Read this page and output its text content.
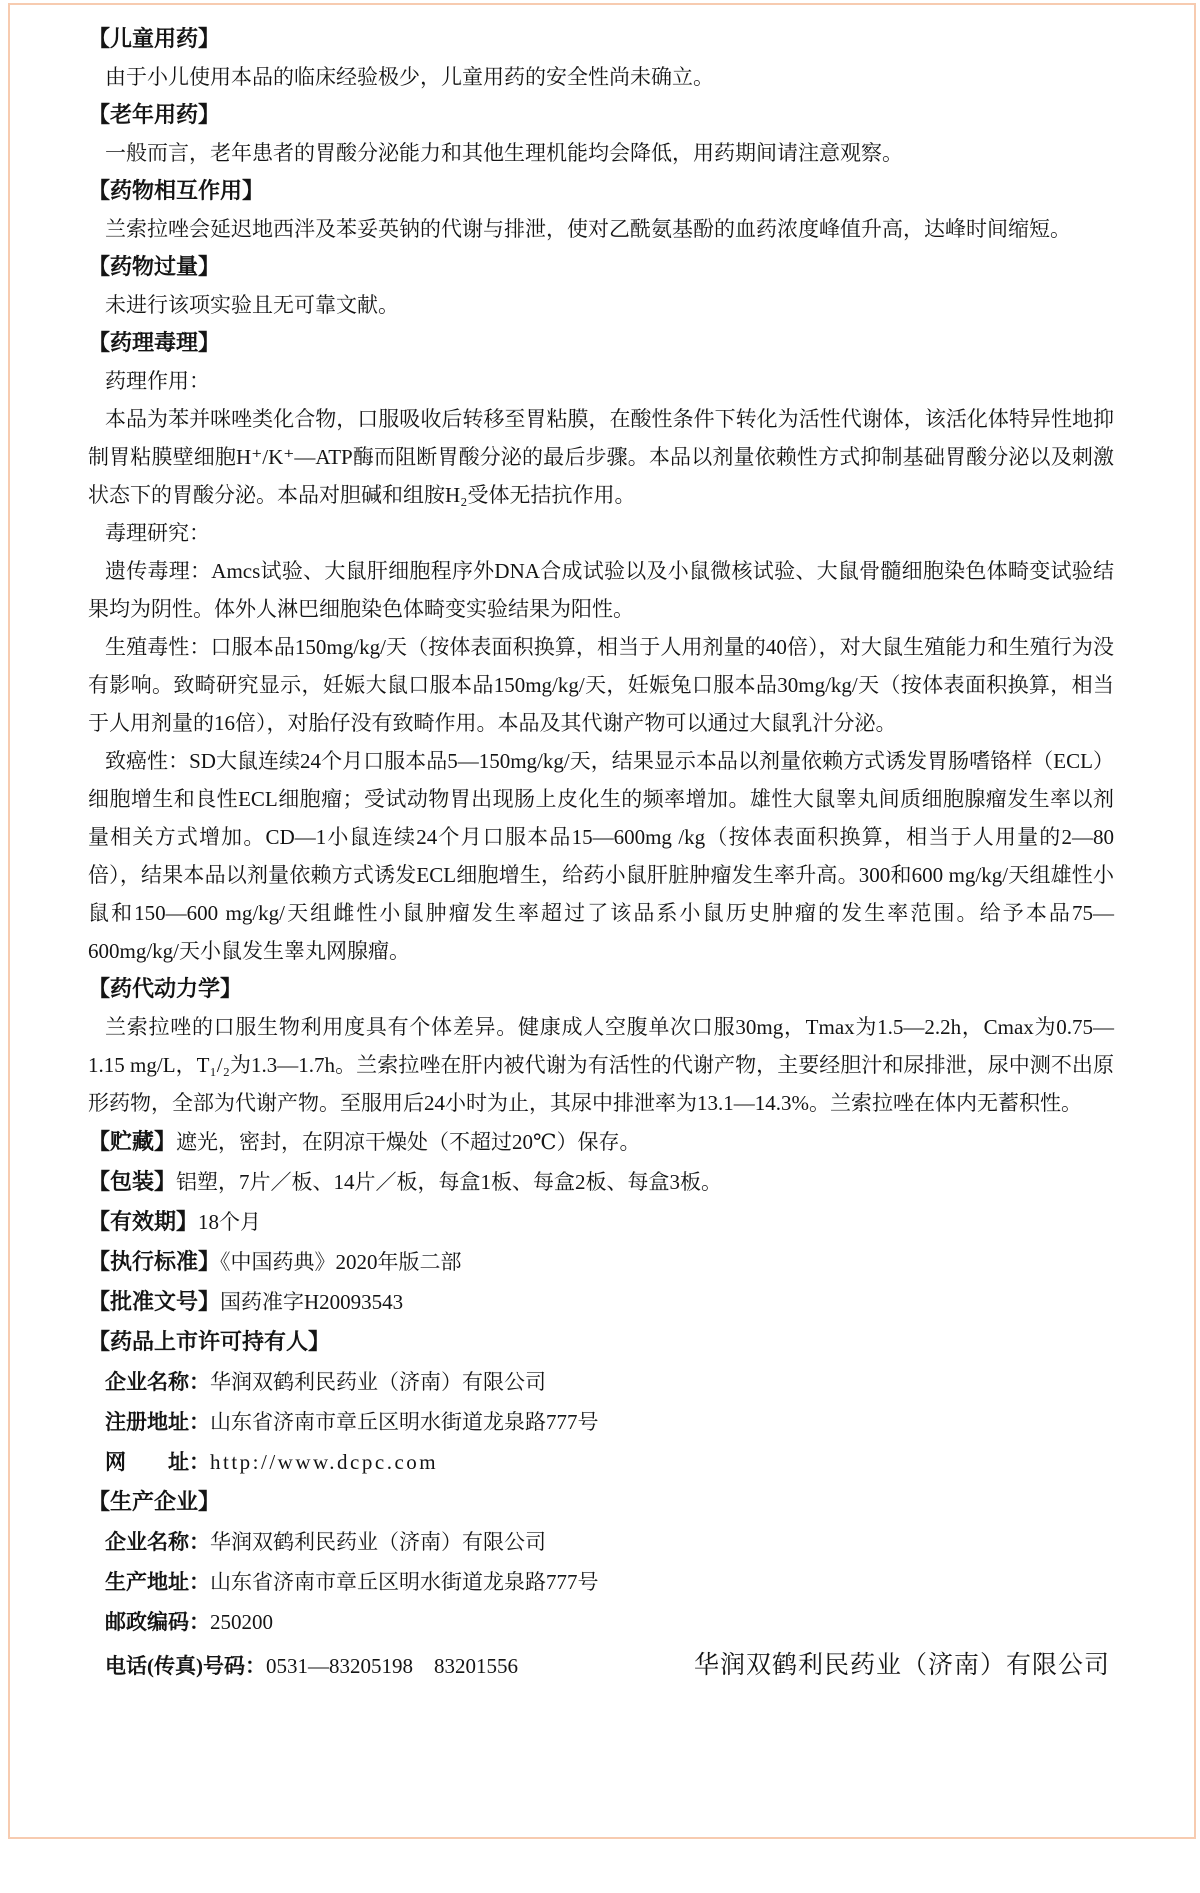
【儿童用药】
由于小儿使用本品的临床经验极少，儿童用药的安全性尚未确立。
【老年用药】
一般而言，老年患者的胃酸分泌能力和其他生理机能均会降低，用药期间请注意观察。
【药物相互作用】
兰索拉唑会延迟地西泮及苯妥英钠的代谢与排泄，使对乙酰氨基酚的血药浓度峰值升高，达峰时间缩短。
【药物过量】
未进行该项实验且无可靠文献。
【药理毒理】
药理作用：
本品为苯并咪唑类化合物，口服吸收后转移至胃粘膜，在酸性条件下转化为活性代谢体，该活化体特异性地抑制胃粘膜壁细胞H⁺/K⁺—ATP酶而阻断胃酸分泌的最后步骤。本品以剂量依赖性方式抑制基础胃酸分泌以及刺激状态下的胃酸分泌。本品对胆碱和组胺H₂受体无拮抗作用。
毒理研究：
遗传毒理：Amcs试验、大鼠肝细胞程序外DNA合成试验以及小鼠微核试验、大鼠骨髓细胞染色体畸变试验结果均为阴性。体外人淋巴细胞染色体畸变实验结果为阳性。
生殖毒性：口服本品150mg/kg/天（按体表面积换算，相当于人用剂量的40倍），对大鼠生殖能力和生殖行为没有影响。致畸研究显示，妊娠大鼠口服本品150mg/kg/天，妊娠兔口服本品30mg/kg/天（按体表面积换算，相当于人用剂量的16倍），对胎仔没有致畸作用。本品及其代谢产物可以通过大鼠乳汁分泌。
致癌性：SD大鼠连续24个月口服本品5—150mg/kg/天，结果显示本品以剂量依赖方式诱发胃肠嗜铬样（ECL）细胞增生和良性ECL细胞瘤；受试动物胃出现肠上皮化生的频率增加。雄性大鼠睾丸间质细胞腺瘤发生率以剂量相关方式增加。CD—1小鼠连续24个月口服本品15—600mg /kg（按体表面积换算，相当于人用量的2—80倍），结果本品以剂量依赖方式诱发ECL细胞增生，给药小鼠肝脏肿瘤发生率升高。300和600 mg/kg/天组雄性小鼠和150—600 mg/kg/天组雌性小鼠肿瘤发生率超过了该品系小鼠历史肿瘤的发生率范围。给予本品75—600mg/kg/天小鼠发生睾丸网腺瘤。
【药代动力学】
兰索拉唑的口服生物利用度具有个体差异。健康成人空腹单次口服30mg，Tmax为1.5—2.2h，Cmax为0.75—1.15 mg/L，T₁/₂为1.3—1.7h。兰索拉唑在肝内被代谢为有活性的代谢产物，主要经胆汁和尿排泄，尿中测不出原形药物，全部为代谢产物。至服用后24小时为止，其尿中排泄率为13.1—14.3%。兰索拉唑在体内无蓄积性。
【贮藏】遮光，密封，在阴凉干燥处（不超过20℃）保存。
【包装】铝塑，7片／板、14片／板，每盒1板、每盒2板、每盒3板。
【有效期】18个月
【执行标准】《中国药典》2020年版二部
【批准文号】国药准字H20093543
【药品上市许可持有人】
企业名称：华润双鹤利民药业（济南）有限公司
注册地址：山东省济南市章丘区明水街道龙泉路777号
网　　址：http://www.dcpc.com
【生产企业】
企业名称：华润双鹤利民药业（济南）有限公司
生产地址：山东省济南市章丘区明水街道龙泉路777号
邮政编码：250200
电话(传真)号码： 0531—83205198　83201556	华润双鹤利民药业（济南）有限公司
